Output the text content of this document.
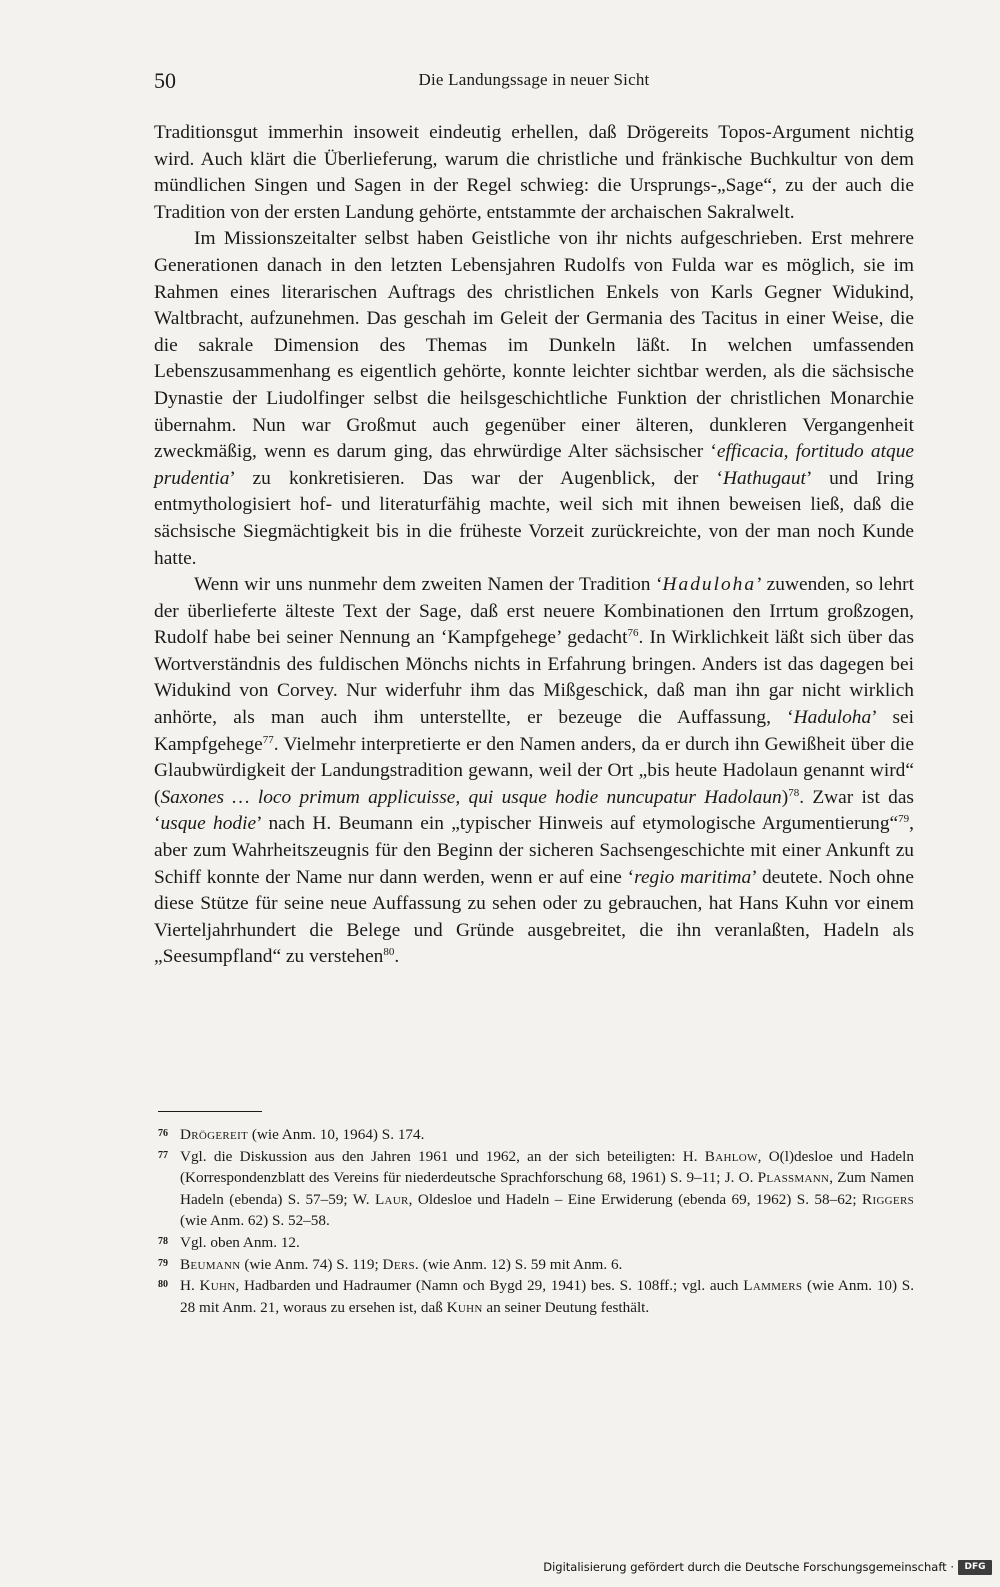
50	Die Landungssage in neuer Sicht

Traditionsgut immerhin insoweit eindeutig erhellen, daß Drögereits Topos-Argument nichtig wird. Auch klärt die Überlieferung, warum die christliche und fränkische Buchkultur von dem mündlichen Singen und Sagen in der Regel schwieg: die Ursprungs-„Sage“, zu der auch die Tradition von der ersten Landung gehörte, entstammte der archaischen Sakralwelt.

Im Missionszeitalter selbst haben Geistliche von ihr nichts aufgeschrieben. Erst mehrere Generationen danach in den letzten Lebensjahren Rudolfs von Fulda war es möglich, sie im Rahmen eines literarischen Auftrags des christlichen Enkels von Karls Gegner Widukind, Waltbracht, aufzunehmen. Das geschah im Geleit der Germania des Tacitus in einer Weise, die die sakrale Dimension des Themas im Dunkeln läßt. In welchen umfassenden Lebenszusammenhang es eigentlich gehörte, konnte leichter sichtbar werden, als die sächsische Dynastie der Liudolfinger selbst die heilsgeschichtliche Funktion der christlichen Monarchie übernahm. Nun war Großmut auch gegenüber einer älteren, dunkleren Vergangenheit zweckmäßig, wenn es darum ging, das ehrwürdige Alter sächsischer ‘efficacia, fortitudo atque prudentia’ zu konkretisieren. Das war der Augenblick, der ‘Hathugaut’ und Iring entmythologisiert hof- und literaturfähig machte, weil sich mit ihnen beweisen ließ, daß die sächsische Siegmächtigkeit bis in die früheste Vorzeit zurückreichte, von der man noch Kunde hatte.

Wenn wir uns nunmehr dem zweiten Namen der Tradition ‘Haduloha’ zuwenden, so lehrt der überlieferte älteste Text der Sage, daß erst neuere Kombinationen den Irrtum großzogen, Rudolf habe bei seiner Nennung an ‘Kampfgehege’ gedacht$^{76}$. In Wirklichkeit läßt sich über das Wortverständnis des fuldischen Mönchs nichts in Erfahrung bringen. Anders ist das dagegen bei Widukind von Corvey. Nur widerfuhr ihm das Mißgeschick, daß man ihn gar nicht wirklich anhörte, als man auch ihm unterstellte, er bezeuge die Auffassung, ‘Haduloha’ sei Kampfgehege$^{77}$. Vielmehr interpretierte er den Namen anders, da er durch ihn Gewißheit über die Glaubwürdigkeit der Landungstradition gewann, weil der Ort „bis heute Hadolaun genannt wird“ (Saxones … loco primum applicuisse, qui usque hodie nuncupatur Hadolaun)$^{78}$. Zwar ist das ‘usque hodie’ nach H. Beumann ein „typischer Hinweis auf etymologische Argumentierung“$^{79}$, aber zum Wahrheitszeugnis für den Beginn der sicheren Sachsengeschichte mit einer Ankunft zu Schiff konnte der Name nur dann werden, wenn er auf eine ‘regio maritima’ deutete. Noch ohne diese Stütze für seine neue Auffassung zu sehen oder zu gebrauchen, hat Hans Kuhn vor einem Vierteljahrhundert die Belege und Gründe ausgebreitet, die ihn veranlaßten, Hadeln als „Seesumpfland“ zu verstehen$^{80}$.

76 Drögereit (wie Anm. 10, 1964) S. 174.

77 Vgl. die Diskussion aus den Jahren 1961 und 1962, an der sich beteiligten: H. Bahlow, O(l)desloe und Hadeln (Korrespondenzblatt des Vereins für niederdeutsche Sprachforschung 68, 1961) S. 9–11; J. O. Plassmann, Zum Namen Hadeln (ebenda) S. 57–59; W. Laur, Oldesloe und Hadeln – Eine Erwiderung (ebenda 69, 1962) S. 58–62; Riggers (wie Anm. 62) S. 52–58.

78 Vgl. oben Anm. 12.

79 Beumann (wie Anm. 74) S. 119; Ders. (wie Anm. 12) S. 59 mit Anm. 6.

80 H. Kuhn, Hadbarden und Hadraumer (Namn och Bygd 29, 1941) bes. S. 108ff.; vgl. auch Lammers (wie Anm. 10) S. 28 mit Anm. 21, woraus zu ersehen ist, daß Kuhn an seiner Deutung festhält.

Digitalisierung gefördert durch die Deutsche Forschungsgemeinschaft ·	DFG
